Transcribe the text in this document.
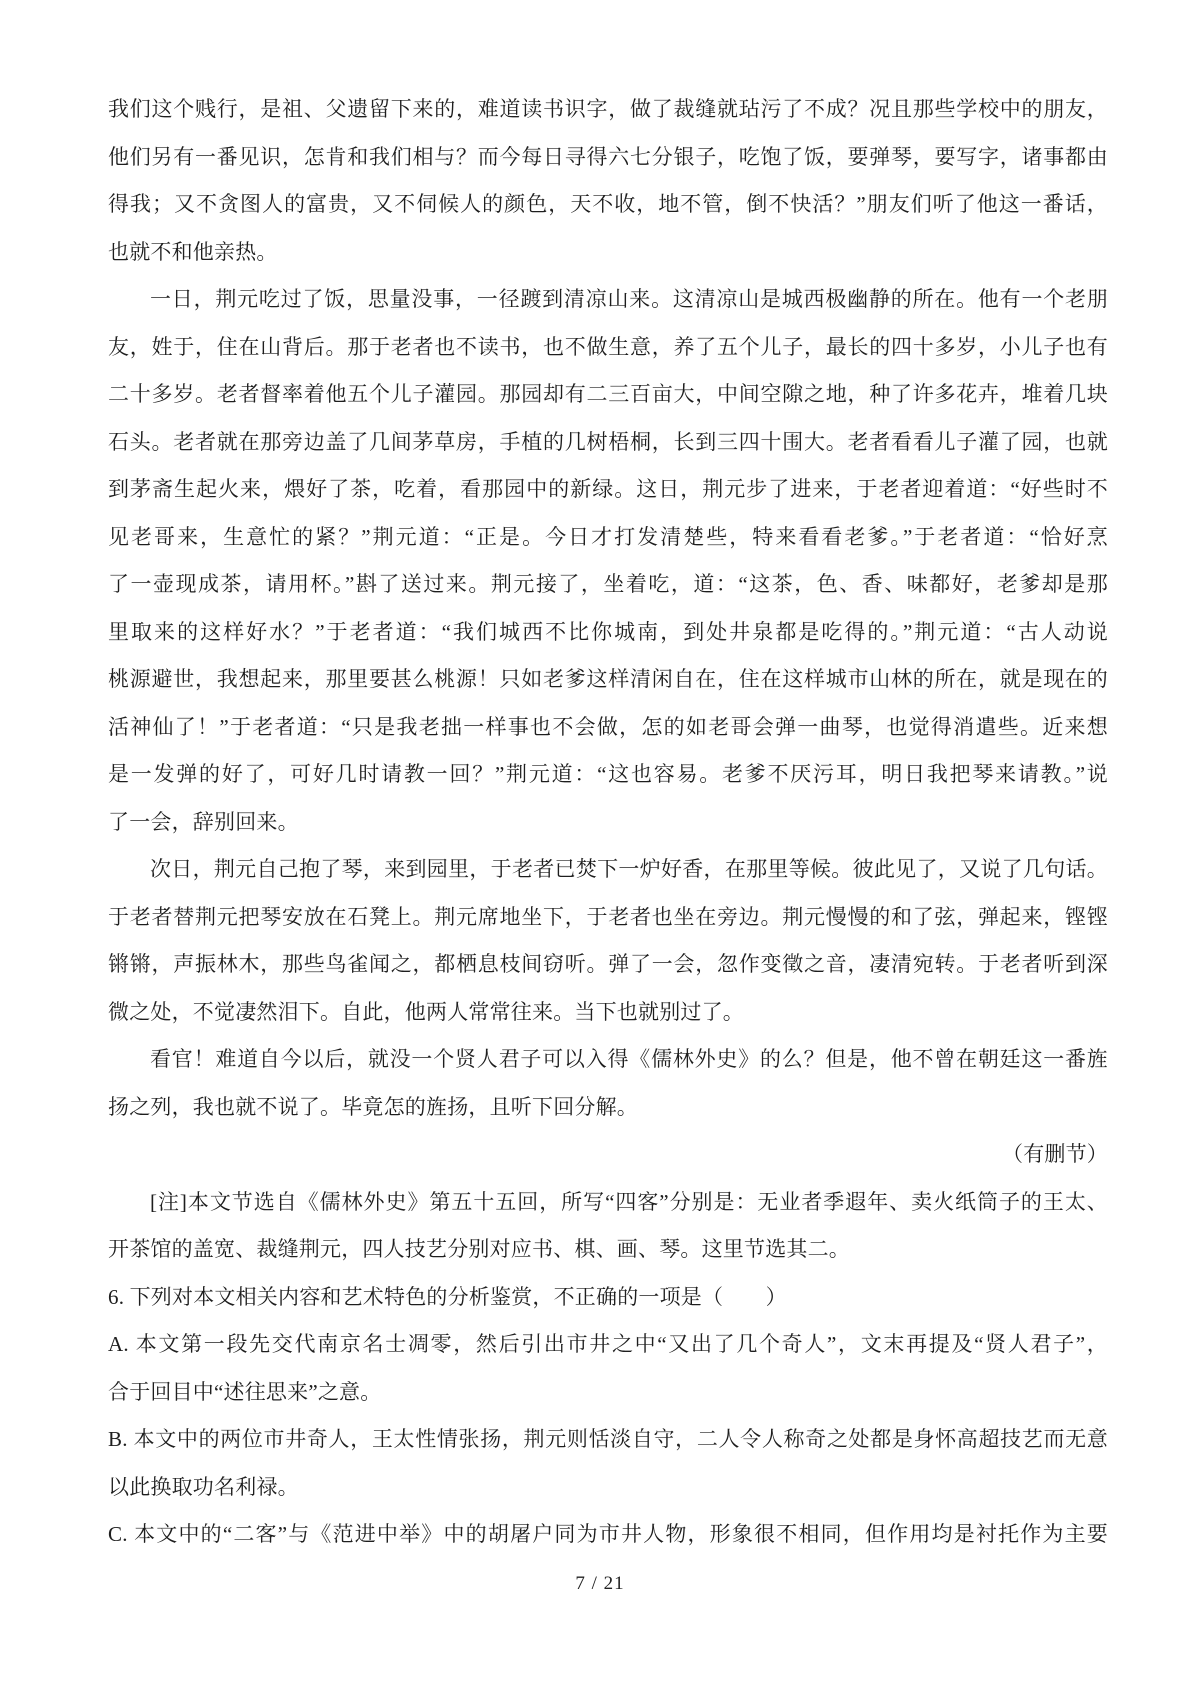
我们这个贱行，是祖、父遗留下来的，难道读书识字，做了裁缝就玷污了不成？况且那些学校中的朋友，
他们另有一番见识，怎肯和我们相与？而今每日寻得六七分银子，吃饱了饭，要弹琴，要写字，诸事都由
得我；又不贪图人的富贵，又不伺候人的颜色，天不收，地不管，倒不快活？”朋友们听了他这一番话，
也就不和他亲热。
一日，荆元吃过了饭，思量没事，一径踱到清凉山来。这清凉山是城西极幽静的所在。他有一个老朋
友，姓于，住在山背后。那于老者也不读书，也不做生意，养了五个儿子，最长的四十多岁，小儿子也有
二十多岁。老者督率着他五个儿子灌园。那园却有二三百亩大，中间空隙之地，种了许多花卉，堆着几块
石头。老者就在那旁边盖了几间茅草房，手植的几树梧桐，长到三四十围大。老者看看儿子灌了园，也就
到茅斋生起火来，煨好了茶，吃着，看那园中的新绿。这日，荆元步了进来，于老者迎着道：“好些时不
见老哥来，生意忙的紧？”荆元道：“正是。今日才打发清楚些，特来看看老爹。”于老者道：“恰好烹
了一壶现成茶，请用杯。”斟了送过来。荆元接了，坐着吃，道：“这茶，色、香、味都好，老爹却是那
里取来的这样好水？”于老者道：“我们城西不比你城南，到处井泉都是吃得的。”荆元道：“古人动说
桃源避世，我想起来，那里要甚么桃源！只如老爹这样清闲自在，住在这样城市山林的所在，就是现在的
活神仙了！”于老者道：“只是我老拙一样事也不会做，怎的如老哥会弹一曲琴，也觉得消遣些。近来想
是一发弹的好了，可好几时请教一回？”荆元道：“这也容易。老爹不厌污耳，明日我把琴来请教。”说
了一会，辞别回来。
次日，荆元自己抱了琴，来到园里，于老者已焚下一炉好香，在那里等候。彼此见了，又说了几句话。
于老者替荆元把琴安放在石凳上。荆元席地坐下，于老者也坐在旁边。荆元慢慢的和了弦，弹起来，铿铿
锵锵，声振林木，那些鸟雀闻之，都栖息枝间窃听。弹了一会，忽作变徵之音，凄清宛转。于老者听到深
微之处，不觉凄然泪下。自此，他两人常常往来。当下也就别过了。
看官！难道自今以后，就没一个贤人君子可以入得《儒林外史》的么？但是，他不曾在朝廷这一番旌
扬之列，我也就不说了。毕竟怎的旌扬，且听下回分解。
（有删节）
[注]本文节选自《儒林外史》第五十五回，所写“四客”分别是：无业者季遐年、卖火纸筒子的王太、
开茶馆的盖宽、裁缝荆元，四人技艺分别对应书、棋、画、琴。这里节选其二。
6. 下列对本文相关内容和艺术特色的分析鉴赏，不正确的一项是（　　）
A. 本文第一段先交代南京名士凋零，然后引出市井之中“又出了几个奇人”，文末再提及“贤人君子”，
合于回目中“述往思来”之意。
B. 本文中的两位市井奇人，王太性情张扬，荆元则恬淡自守，二人令人称奇之处都是身怀高超技艺而无意
以此换取功名利禄。
C. 本文中的“二客”与《范进中举》中的胡屠户同为市井人物，形象很不相同，但作用均是衬托作为主要
7 / 21
